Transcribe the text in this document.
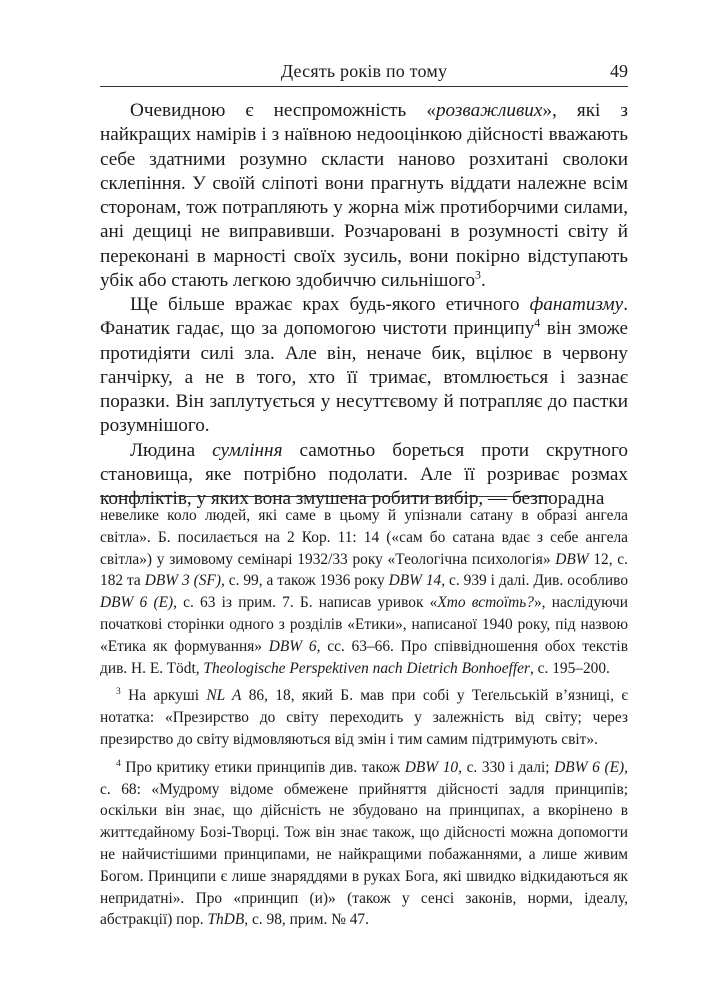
Десять років по тому	49

Очевидною є неспроможність «розважливих», які з найкращих намірів і з наївною недооцінкою дійсності вважають себе здатними розумно скласти наново розхитані сволоки склепіння. У своїй сліпоті вони прагнуть віддати належне всім сторонам, тож потрапляють у жорна між протиборчими силами, ані дещиці не виправивши. Розчаровані в розумності світу й переконані в марності своїх зусиль, вони покірно відступають убік або стають легкою здобиччю сильнішого$^3$.

Ще більше вражає крах будь-якого етичного фанатизму. Фанатик гадає, що за допомогою чистоти принципу$^4$ він зможе протидіяти силі зла. Але він, неначе бик, вцілює в червону ганчірку, а не в того, хто її тримає, втомлюється і зазнає поразки. Він заплутується у несуттєвому й потрапляє до пастки розумнішого.

Людина сумління самотньо бореться проти скрутного становища, яке потрібно подолати. Але її розриває розмах конфліктів, у яких вона змушена робити вибір, — безпорадна

невелике коло людей, які саме в цьому й упізнали сатану в образі ангела світла». Б. посилається на 2 Кор. 11: 14 («сам бо сатана вдає з себе ангела світла») у зимовому семінарі 1932/33 року «Теологічна психологія» DBW 12, с. 182 та DBW 3 (SF), с. 99, а також 1936 року DBW 14, с. 939 і далі. Див. особливо DBW 6 (E), с. 63 із прим. 7. Б. написав уривок «Хто встоїть?», наслідуючи початкові сторінки одного з розділів «Етики», написаної 1940 року, під назвою «Етика як формування» DBW 6, сс. 63–66. Про співвідношення обох текстів див. H. E. Tödt, Theologische Perspektiven nach Dietrich Bonhoeffer, с. 195–200.

$^3$ На аркуші NL A 86, 18, який Б. мав при собі у Теґельській в’язниці, є нотатка: «Презирство до світу переходить у залежність від світу; через презирство до світу відмовляються від змін і тим самим підтримують світ».

$^4$ Про критику етики принципів див. також DBW 10, с. 330 і далі; DBW 6 (E), с. 68: «Мудрому відоме обмежене прийняття дійсності задля принципів; оскільки він знає, що дійсність не збудовано на принципах, а вкорінено в життєдайному Бозі-Творці. Тож він знає також, що дійсності можна допомогти не найчистішими принципами, не найкращими побажаннями, а лише живим Богом. Принципи є лише знаряддями в руках Бога, які швидко відкидаються як непридатні». Про «принцип (и)» (також у сенсі законів, норми, ідеалу, абстракції) пор. ThDB, с. 98, прим. № 47.
